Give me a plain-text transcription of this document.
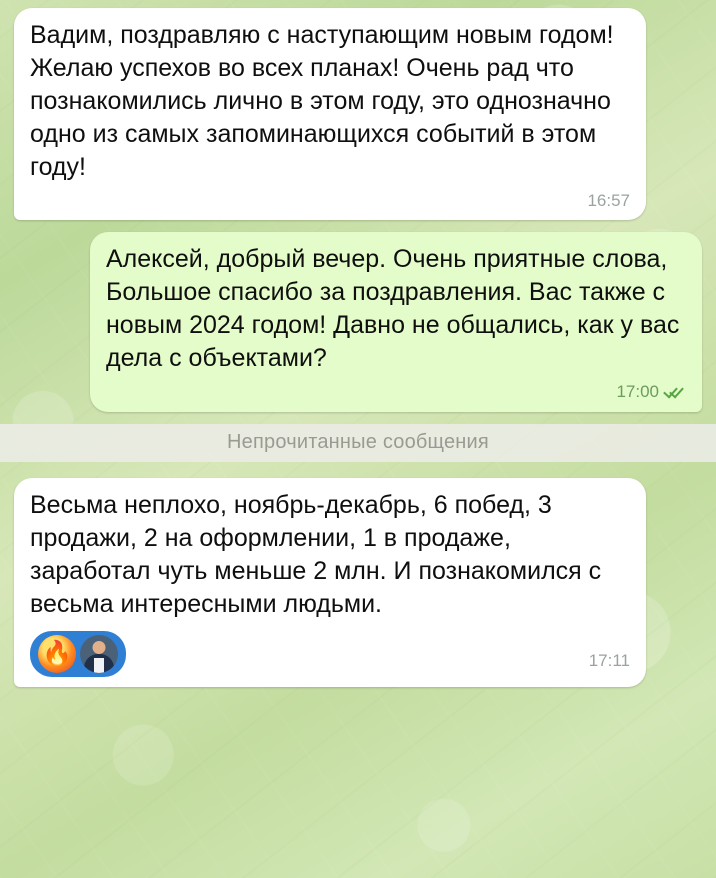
Вадим, поздравляю с наступающим новым годом! Желаю успехов во всех планах! Очень рад что познакомились лично в этом году, это однозначно одно из самых запоминающихся событий в этом году!
16:57
Алексей, добрый вечер. Очень приятные слова, Большое спасибо за поздравления. Вас также с новым 2024 годом! Давно не общались, как у вас дела с объектами?
17:00
Непрочитанные сообщения
Весьма неплохо, ноябрь-декабрь, 6 побед, 3 продажи, 2 на оформлении, 1 в продаже, заработал чуть меньше 2 млн. И познакомился с весьма интересными людьми.
🔥	17:11
